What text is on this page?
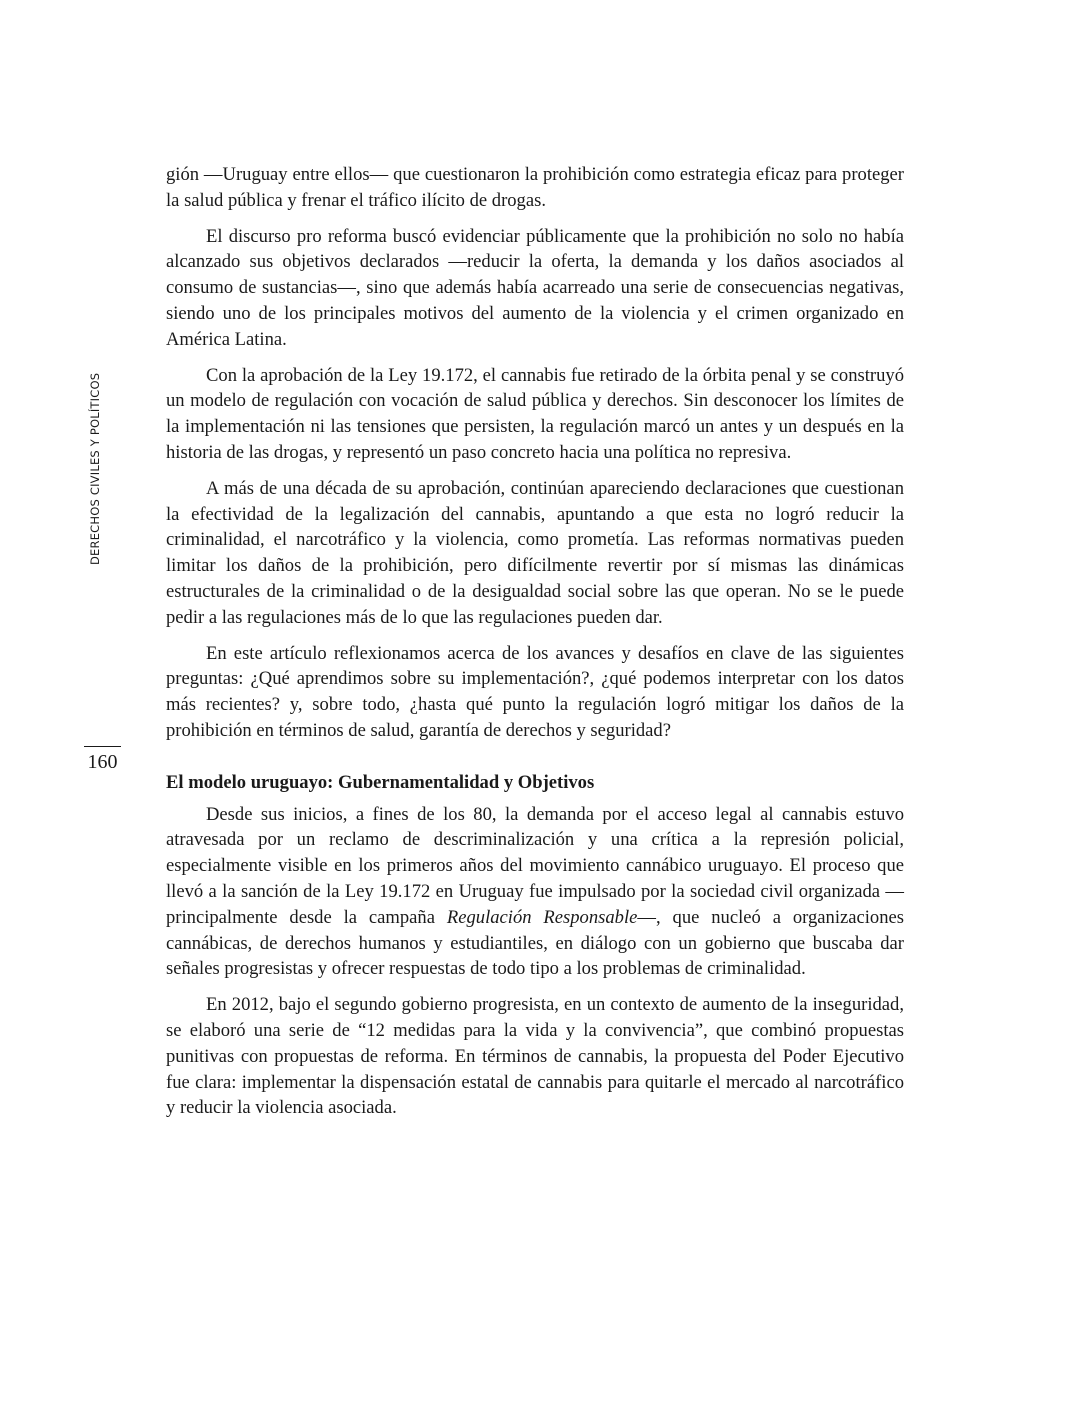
DERECHOS CIVILES Y POLÍTICOS
160

gión —Uruguay entre ellos— que cuestionaron la prohibición como estrategia eficaz para proteger la salud pública y frenar el tráfico ilícito de drogas.

El discurso pro reforma buscó evidenciar públicamente que la prohibición no solo no había alcanzado sus objetivos declarados —reducir la oferta, la demanda y los daños asociados al consumo de sustancias—, sino que además había acarreado una serie de consecuencias negativas, siendo uno de los principales motivos del aumento de la violencia y el crimen organizado en América Latina.

Con la aprobación de la Ley 19.172, el cannabis fue retirado de la órbita penal y se construyó un modelo de regulación con vocación de salud pública y derechos. Sin desconocer los límites de la implementación ni las tensiones que persisten, la regulación marcó un antes y un después en la historia de las drogas, y representó un paso concreto hacia una política no represiva.

A más de una década de su aprobación, continúan apareciendo declaraciones que cuestionan la efectividad de la legalización del cannabis, apuntando a que esta no logró reducir la criminalidad, el narcotráfico y la violencia, como prometía. Las reformas normativas pueden limitar los daños de la prohibición, pero difícilmente revertir por sí mismas las dinámicas estructurales de la criminalidad o de la desigualdad social sobre las que operan. No se le puede pedir a las regulaciones más de lo que las regulaciones pueden dar.

En este artículo reflexionamos acerca de los avances y desafíos en clave de las siguientes preguntas: ¿Qué aprendimos sobre su implementación?, ¿qué podemos interpretar con los datos más recientes? y, sobre todo, ¿hasta qué punto la regulación logró mitigar los daños de la prohibición en términos de salud, garantía de derechos y seguridad?

El modelo uruguayo: Gubernamentalidad y Objetivos

Desde sus inicios, a fines de los 80, la demanda por el acceso legal al cannabis estuvo atravesada por un reclamo de descriminalización y una crítica a la represión policial, especialmente visible en los primeros años del movimiento cannábico uruguayo. El proceso que llevó a la sanción de la Ley 19.172 en Uruguay fue impulsado por la sociedad civil organizada —principalmente desde la campaña Regulación Responsable—, que nucleó a organizaciones cannábicas, de derechos humanos y estudiantiles, en diálogo con un gobierno que buscaba dar señales progresistas y ofrecer respuestas de todo tipo a los problemas de criminalidad.

En 2012, bajo el segundo gobierno progresista, en un contexto de aumento de la inseguridad, se elaboró una serie de “12 medidas para la vida y la convivencia”, que combinó propuestas punitivas con propuestas de reforma. En términos de cannabis, la propuesta del Poder Ejecutivo fue clara: implementar la dispensación estatal de cannabis para quitarle el mercado al narcotráfico y reducir la violencia asociada.
